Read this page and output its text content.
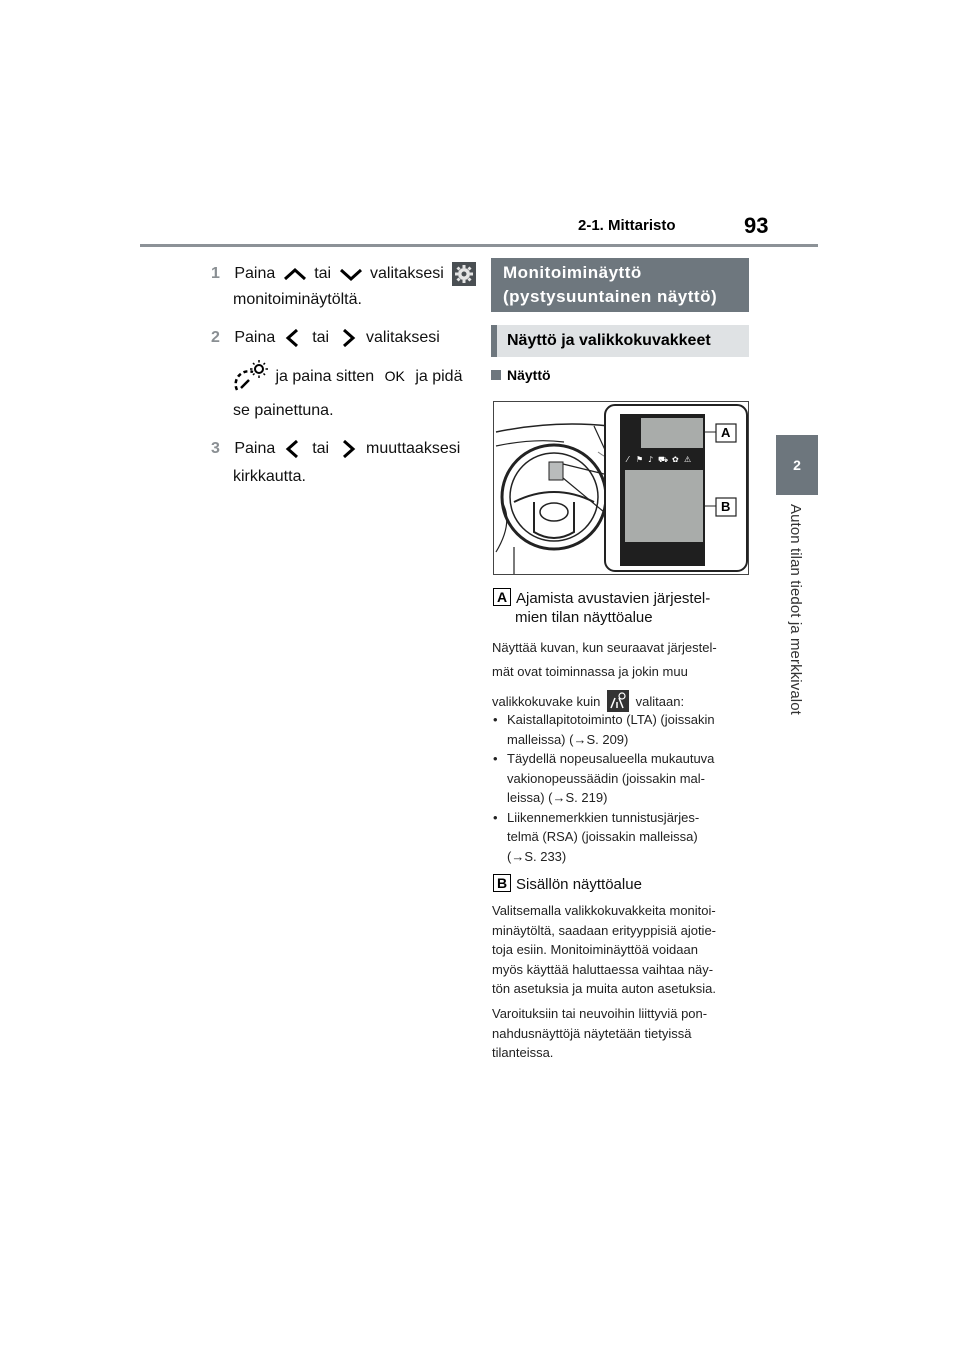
2-1. Mittaristo	93
2
Auton tilan tiedot ja merkkivalot
1 Paina tai valitaksesi
monitoiminäytöltä.
2 Paina tai valitaksesi
ja paina sitten OK ja pidä
se painettuna.
3 Paina tai muuttaaksesi
kirkkautta.
Monitoiminäyttö
(pystysuuntainen näyttö)
Näyttö ja valikkokuvakkeet
Näyttö
⁄ ⚑ ♪ ⛟ ✿ ⚠
A
B
A Ajamista avustavien järjestel-
mien tilan näyttöalue
Näyttää kuvan, kun seuraavat järjestel-
mät ovat toiminnassa ja jokin muu
valikkokuvake kuin	valitaan:
• Kaistallapitotoiminto (LTA) (joissakin
malleissa) (→S. 209)
• Täydellä nopeusalueella mukautuva
vakionopeussäädin (joissakin mal-
leissa) (→S. 219)
• Liikennemerkkien tunnistusjärjes-
telmä (RSA) (joissakin malleissa)
(→S. 233)
B Sisällön näyttöalue
Valitsemalla valikkokuvakkeita monitoi-
minäytöltä, saadaan erityyppisiä ajotie-
toja esiin. Monitoiminäyttöä voidaan
myös käyttää haluttaessa vaihtaa näy-
tön asetuksia ja muita auton asetuksia.
Varoituksiin tai neuvoihin liittyviä pon-
nahdusnäyttöjä näytetään tietyissä
tilanteissa.
